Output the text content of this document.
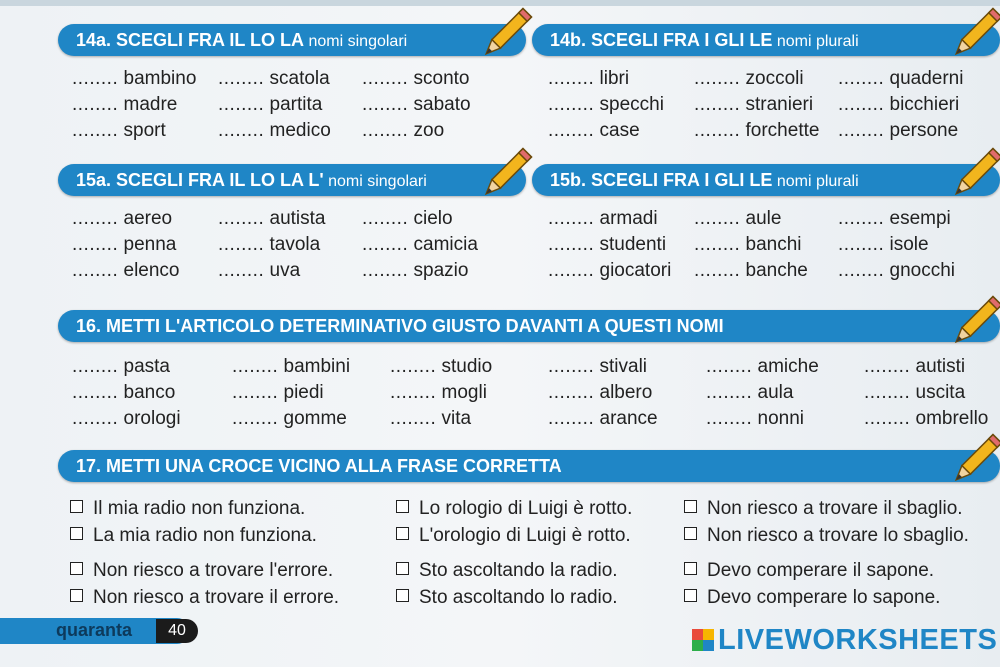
14a. SCEGLI FRA IL LO LA nomi singolari
........ bambino
........ madre
........ sport
........ scatola
........ partita
........ medico
........ sconto
........ sabato
........ zoo
14b. SCEGLI FRA I GLI LE nomi plurali
........ libri
........ specchi
........ case
........ zoccoli
........ stranieri
........ forchette
........ quaderni
........ bicchieri
........ persone
15a. SCEGLI FRA IL LO LA L' nomi singolari
........ aereo
........ penna
........ elenco
........ autista
........ tavola
........ uva
........ cielo
........ camicia
........ spazio
15b. SCEGLI FRA I GLI LE nomi plurali
........ armadi
........ studenti
........ giocatori
........ aule
........ banchi
........ banche
........ esempi
........ isole
........ gnocchi
16. METTI L'ARTICOLO DETERMINATIVO GIUSTO DAVANTI A QUESTI NOMI
........ pasta
........ banco
........ orologi
........ bambini
........ piedi
........ gomme
........ studio
........ mogli
........ vita
........ stivali
........ albero
........ arance
........ amiche
........ aula
........ nonni
........ autisti
........ uscita
........ ombrello
17. METTI UNA CROCE VICINO ALLA FRASE CORRETTA
Il mia radio non funziona.
La mia radio non funziona.
Lo rologio di Luigi è rotto.
L'orologio di Luigi è rotto.
Non riesco a trovare il sbaglio.
Non riesco a trovare lo sbaglio.
Non riesco a trovare l'errore.
Non riesco a trovare il errore.
Sto ascoltando la radio.
Sto ascoltando lo radio.
Devo comperare il sapone.
Devo comperare lo sapone.
quaranta	40	LIVEWORKSHEETS
